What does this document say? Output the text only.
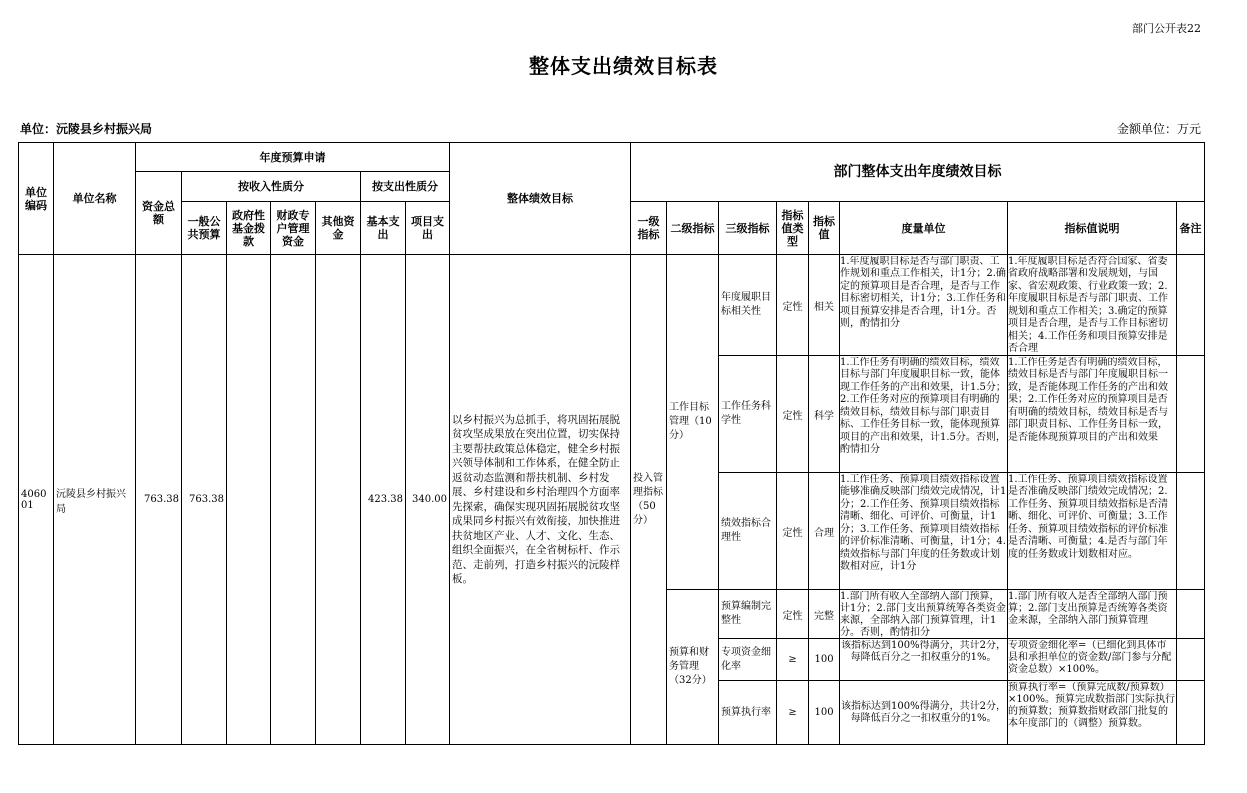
部门公开表22
整体支出绩效目标表
单位：沅陵县乡村振兴局	金额单位：万元
单位编码	单位名称	年度预算申请							整体绩效目标	部门整体支出年度绩效目标							
		资金总额	按收入性质分				按支出性质分										
			一般公共预算	政府性基金拨款	财政专户管理资金	其他资金	基本支出	项目支出		一级指标	二级指标	三级指标	指标值类型	指标值	度量单位	指标值说明	备注
406001	沅陵县乡村振兴局	763.38	763.38				423.38	340.00	以乡村振兴为总抓手，将巩固拓展脱贫攻坚成果放在突出位置，切实保持主要帮扶政策总体稳定，健全乡村振兴领导体制和工作体系，在健全防止返贫动态监测和帮扶机制、乡村发展、乡村建设和乡村治理四个方面率先探索，确保实现巩固拓展脱贫攻坚成果同乡村振兴有效衔接，加快推进扶贫地区产业、人才、文化、生态、组织全面振兴，在全省树标杆、作示范、走前列，打造乡村振兴的沅陵样板。	投入管理指标（50分）	工作目标管理（10分）	年度履职目标相关性	定性	相关	1.年度履职目标是否与部门职责、工作规划和重点工作相关，计1分；2.确定的预算项目是否合理，是否与工作目标密切相关，计1分；3.工作任务和项目预算安排是否合理，计1分。否则，酌情扣分	1.年度履职目标是否符合国家、省委省政府战略部署和发展规划，与国家、省宏观政策、行业政策一致；2.年度履职目标是否与部门职责、工作规划和重点工作相关；3.确定的预算项目是否合理，是否与工作目标密切相关；4.工作任务和项目预算安排是否合理	

												工作任务科学性	定性	科学	1.工作任务有明确的绩效目标，绩效目标与部门年度履职目标一致，能体现工作任务的产出和效果，计1.5分；2.工作任务对应的预算项目有明确的绩效目标，绩效目标与部门职责目标、工作任务目标一致，能体现预算项目的产出和效果，计1.5分。否则，酌情扣分	1.工作任务是否有明确的绩效目标，绩效目标是否与部门年度履职目标一致，是否能体现工作任务的产出和效果；2.工作任务对应的预算项目是否有明确的绩效目标，绩效目标是否与部门职责目标、工作任务目标一致，是否能体现预算项目的产出和效果	

												绩效指标合理性	定性	合理	1.工作任务、预算项目绩效指标设置能够准确反映部门绩效完成情况，计1分；2.工作任务、预算项目绩效指标清晰、细化、可评价、可衡量，计1分；3.工作任务、预算项目绩效指标的评价标准清晰、可衡量，计1分；4.绩效指标与部门年度的任务数或计划数相对应，计1分	1.工作任务、预算项目绩效指标设置是否准确反映部门绩效完成情况；2.工作任务、预算项目绩效指标是否清晰、细化、可评价、可衡量；3.工作任务、预算项目绩效指标的评价标准是否清晰、可衡量；4.是否与部门年度的任务数或计划数相对应。	

											预算和财务管理（32分）	预算编制完整性	定性	完整	1.部门所有收入全部纳入部门预算，计1分；2.部门支出预算统筹各类资金来源，全部纳入部门预算管理，计1分。否则，酌情扣分	1.部门所有收入是否全部纳入部门预算；2.部门支出预算是否统筹各类资金来源，全部纳入部门预算管理	

												专项资金细化率	≥	100	该指标达到100%得满分，共计2分，每降低百分之一扣权重分的1%。	专项资金细化率=（已细化到具体市县和承担单位的资金数/部门参与分配资金总数）×100%。	

												预算执行率	≥	100	该指标达到100%得满分，共计2分，每降低百分之一扣权重分的1%。	预算执行率=（预算完成数/预算数）×100%。预算完成数指部门实际执行的预算数；预算数指财政部门批复的本年度部门的（调整）预算数。	
